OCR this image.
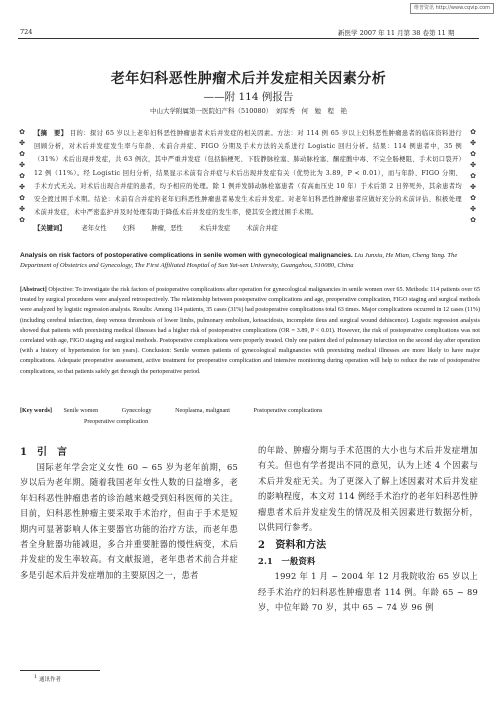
维普资讯 http://www.cqvip.com
724	新医学 2007 年 11 月第 38 卷第 11 期
老年妇科恶性肿瘤术后并发症相关因素分析
——附 114 例报告
中山大学附属第一医院妇产科（510080）　刘军秀　何　勉　程　艳
✿
✤
✿
✤
✿
✤
✿
✤
✿
✿
✤
✿
✤
✿
✤
✿
✤
✿
【摘　要】 目的：探讨 65 岁以上老年妇科恶性肿瘤患者术后并发症的相关因素。方法：对 114 例 65 岁以上妇科恶性肿瘤患者的临床资料进行回顾分析，对术后并发症发生率与年龄、术前合并症、FIGO 分期及手术方法的关系进行 Logistic 回归分析。结果：114 例患者中，35 例（31%）术后出现并发症，共 63 例次，其中严重并发症（包括脑梗死、下肢静脉栓塞、肺动脉栓塞、酮症酸中毒、不完全肠梗阻、手术切口裂开）12 例（11%）。经 Logistic 回归分析，结果显示术前有合并症与术后出现并发症有关（优势比为 3.89，P < 0.01），而与年龄、FIGO 分期、手术方式无关。对术后出现合并症的患者，均予相应的处理。除 1 例并发肺动脉栓塞患者（有高血压史 10 年）于术后第 2 日猝死外，其余患者均安全渡过围手术期。结论：术前有合并症的老年妇科恶性肿瘤患者易发生术后并发症。对老年妇科恶性肿瘤患者应做好充分的术前评估、积极处理术前并发症，术中严密监护并及时处理有助于降低术后并发症的发生率，使其安全渡过围手术期。
【关键词】	老年女性	妇科	肿瘤，恶性	术后并发症	术前合并症
Analysis on risk factors of postoperative complications in senile women with gynecological malignancies. Liu Junxiu, He Mian, Cheng Yang. The Department of Obstetrics and Gynecology, The First Affiliated Hospital of Sun Yat-sen University, Guangzhou, 510080, China
[Abstract] Objective: To investigate the risk factors of postoperative complications after operation for gynecological malignancies in senile women over 65. Methods: 114 patients over 65 treated by surgical procedures were analyzed retrospectively. The relationship between postoperative complications and age, preoperative complication, FIGO staging and surgical methods were analyzed by logistic regression analysis. Results: Among 114 patients, 35 cases (31%) had postoperative complications total 63 times. Major complications occurred in 12 cases (11%) (including cerebral infarction, deep venous thrombosis of lower limbs, pulmonary embolism, ketoacidosis, incomplete ileus and surgical wound dehiscence). Logistic regression analysis showed that patients with preexisting medical illnesses had a higher risk of postoperative complications (OR = 3.89, P < 0.01). However, the risk of postoperative complications was not correlated with age, FIGO staging and surgical methods. Postoperative complications were properly treated. Only one patient died of pulmonary infarction on the second day after operation (with a history of hypertension for ten years). Conclusion: Senile women patients of gynecological malignancies with preexisting medical illnesses are more likely to have major complications. Adequate preoperative assessment, active treatment for preoperative complication and intensive monitoring during operation will help to reduce the rate of postoperative complications, so that patients safely get through the perioperative period.
[Key words] Senile women	Gynecology	Neoplasma, malignant	Postoperative complications
Preoperative complication
1　引　言

国际老年学会定义女性 60 ~ 65 岁为老年前期，65 岁以后为老年期。随着我国老年女性人数的日益增多，老年妇科恶性肿瘤患者的诊治越来越受到妇科医师的关注。目前，妇科恶性肿瘤主要采取手术治疗，但由于手术是短期内可显著影响人体主要器官功能的治疗方法，而老年患者全身脏器功能减退，多合并重要脏器的慢性病变，术后并发症的发生率较高。有文献报道，老年患者术前合并症多是引起术后并发症增加的主要原因之一，患者

1 通讯作者
的年龄、肿瘤分期与手术范围的大小也与术后并发症增加有关。但也有学者提出不同的意见，认为上述 4 个因素与术后并发症无关。为了更深入了解上述因素对术后并发症的影响程度，本文对 114 例经手术治疗的老年妇科恶性肿瘤患者术后并发症发生的情况及相关因素进行数据分析，以供同行参考。
2　资料和方法
2.1　一般资料

1992 年 1 月 ~ 2004 年 12 月我院收治 65 岁以上经手术治疗的妇科恶性肿瘤患者 114 例。年龄 65 ~ 89 岁，中位年龄 70 岁，其中 65 ~ 74 岁 96 例
